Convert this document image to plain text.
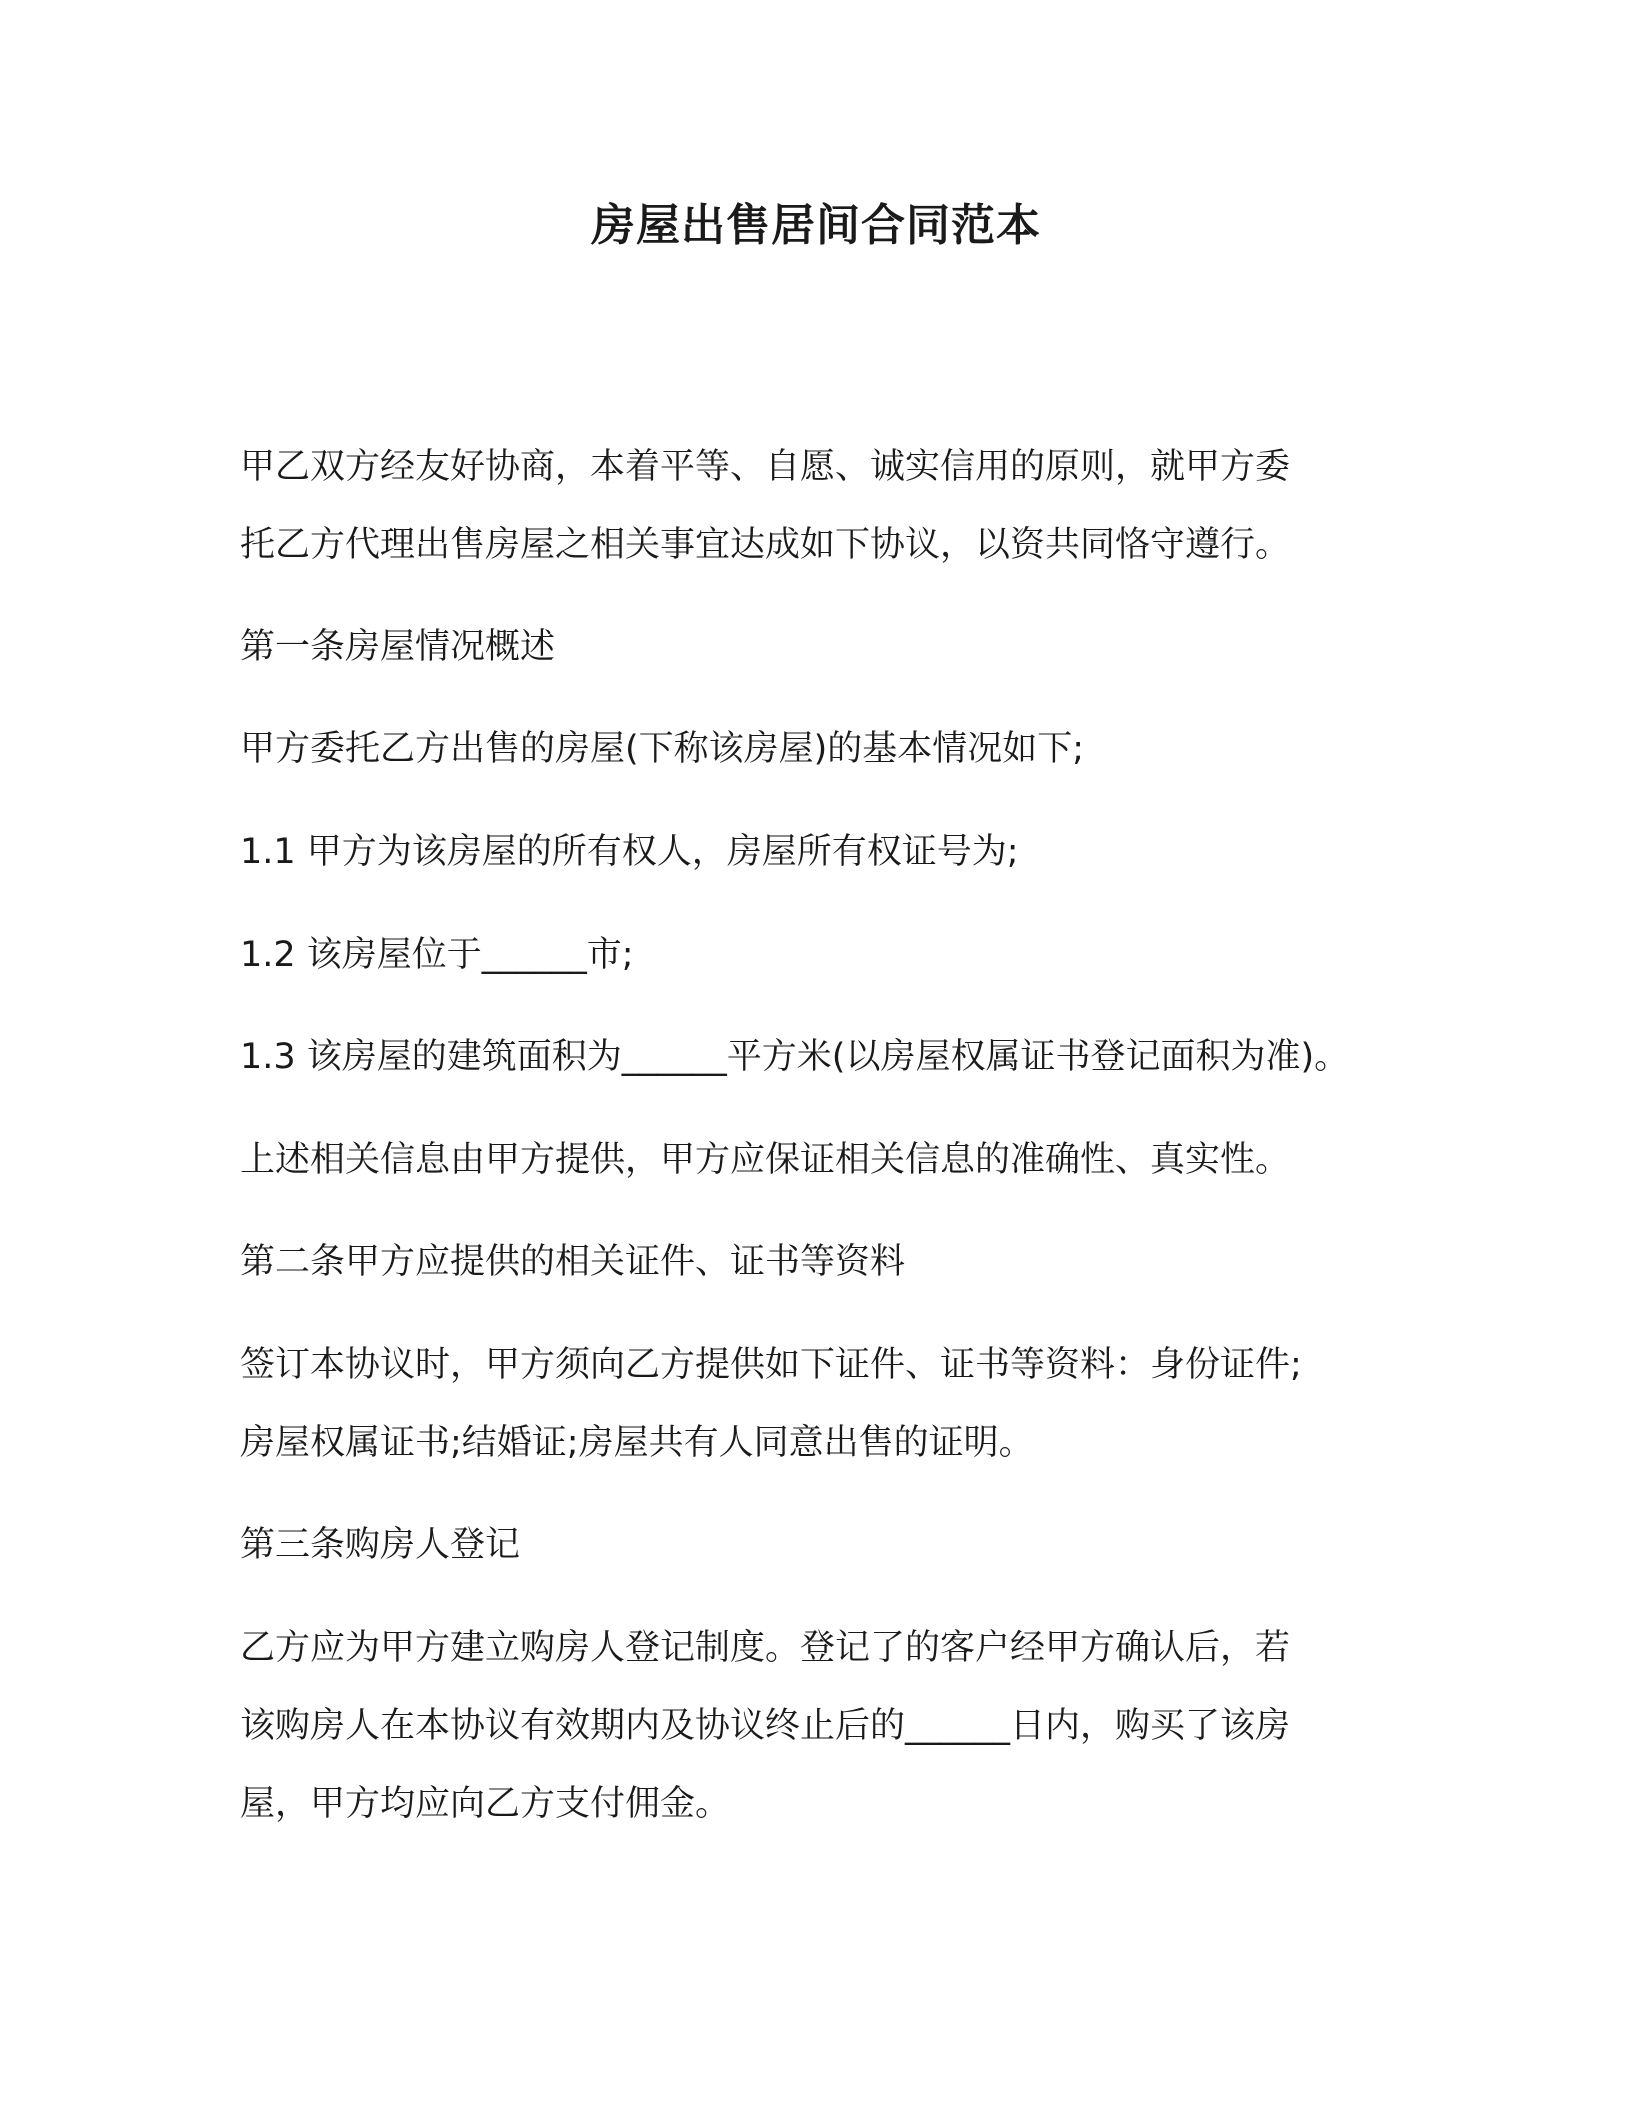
房屋出售居间合同范本
甲乙双方经友好协商，本着平等、自愿、诚实信用的原则，就甲方委
托乙方代理出售房屋之相关事宜达成如下协议，以资共同恪守遵行。
第一条房屋情况概述
甲方委托乙方出售的房屋(下称该房屋)的基本情况如下;
1.1 甲方为该房屋的所有权人，房屋所有权证号为;
1.2 该房屋位于______市;
1.3 该房屋的建筑面积为______平方米(以房屋权属证书登记面积为准)。
上述相关信息由甲方提供，甲方应保证相关信息的准确性、真实性。
第二条甲方应提供的相关证件、证书等资料
签订本协议时，甲方须向乙方提供如下证件、证书等资料：身份证件;
房屋权属证书;结婚证;房屋共有人同意出售的证明。
第三条购房人登记
乙方应为甲方建立购房人登记制度。登记了的客户经甲方确认后，若
该购房人在本协议有效期内及协议终止后的______日内，购买了该房
屋，甲方均应向乙方支付佣金。
